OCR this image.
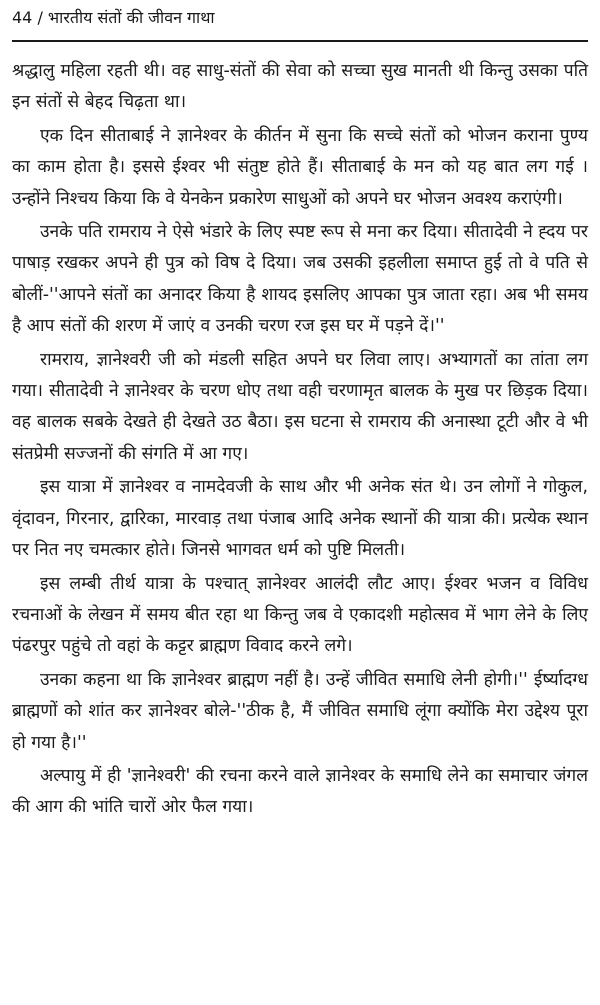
44 / भारतीय संतों की जीवन गाथा

श्रद्धालु महिला रहती थी। वह साधु-संतों की सेवा को सच्चा सुख मानती थी किन्तु उसका पति इन संतों से बेहद चिढ़ता था।

एक दिन सीताबाई ने ज्ञानेश्वर के कीर्तन में सुना कि सच्चे संतों को भोजन कराना पुण्य का काम होता है। इससे ईश्वर भी संतुष्ट होते हैं। सीताबाई के मन को यह बात लग गई । उन्होंने निश्चय किया कि वे येनकेन प्रकारेण साधुओं को अपने घर भोजन अवश्य कराएंगी।

उनके पति रामराय ने ऐसे भंडारे के लिए स्पष्ट रूप से मना कर दिया। सीतादेवी ने ह्दय पर पाषाड़ रखकर अपने ही पुत्र को विष दे दिया। जब उसकी इहलीला समाप्त हुई तो वे पति से बोलीं-''आपने संतों का अनादर किया है शायद इसलिए आपका पुत्र जाता रहा। अब भी समय है आप संतों की शरण में जाएं व उनकी चरण रज इस घर में पड़ने दें।''

रामराय, ज्ञानेश्वरी जी को मंडली सहित अपने घर लिवा लाए। अभ्यागतों का तांता लग गया। सीतादेवी ने ज्ञानेश्वर के चरण धोए तथा वही चरणामृत बालक के मुख पर छिड़क दिया। वह बालक सबके देखते ही देखते उठ बैठा। इस घटना से रामराय की अनास्था टूटी और वे भी संतप्रेमी सज्जनों की संगति में आ गए।

इस यात्रा में ज्ञानेश्वर व नामदेवजी के साथ और भी अनेक संत थे। उन लोगों ने गोकुल, वृंदावन, गिरनार, द्वारिका, मारवाड़ तथा पंजाब आदि अनेक स्थानों की यात्रा की। प्रत्येक स्थान पर नित नए चमत्कार होते। जिनसे भागवत धर्म को पुष्टि मिलती।

इस लम्बी तीर्थ यात्रा के पश्चात् ज्ञानेश्वर आलंदी लौट आए। ईश्वर भजन व विविध रचनाओं के लेखन में समय बीत रहा था किन्तु जब वे एकादशी महोत्सव में भाग लेने के लिए पंढरपुर पहुंचे तो वहां के कट्टर ब्राह्मण विवाद करने लगे।

उनका कहना था कि ज्ञानेश्वर ब्राह्मण नहीं है। उन्हें जीवित समाधि लेनी होगी।'' ईर्ष्यादग्ध ब्राह्मणों को शांत कर ज्ञानेश्वर बोले-''ठीक है, मैं जीवित समाधि लूंगा क्योंकि मेरा उद्देश्य पूरा हो गया है।''

अल्पायु में ही 'ज्ञानेश्वरी' की रचना करने वाले ज्ञानेश्वर के समाधि लेने का समाचार जंगल की आग की भांति चारों ओर फैल गया।
